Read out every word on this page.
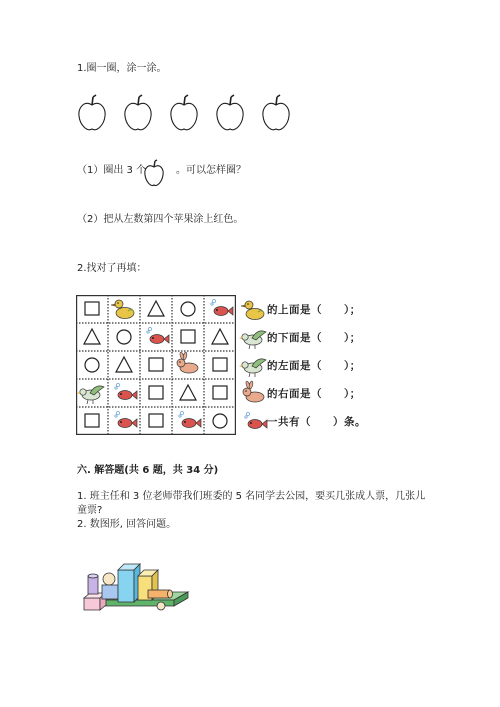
1.圈一圈，涂一涂。
（1）圈出 3 个	。可以怎样圈？
（2）把从左数第四个苹果涂上红色。
2.找对了再填：
的上面是（　　）；
的下面是（　　）；
的左面是（　　）；
的右面是（　　）；
一共有（　　）条。
六. 解答题(共 6 题，共 34 分)
1. 班主任和 3 位老师带我们班委的 5 名同学去公园，要买几张成人票，几张儿
童票?
2. 数图形, 回答问题。
